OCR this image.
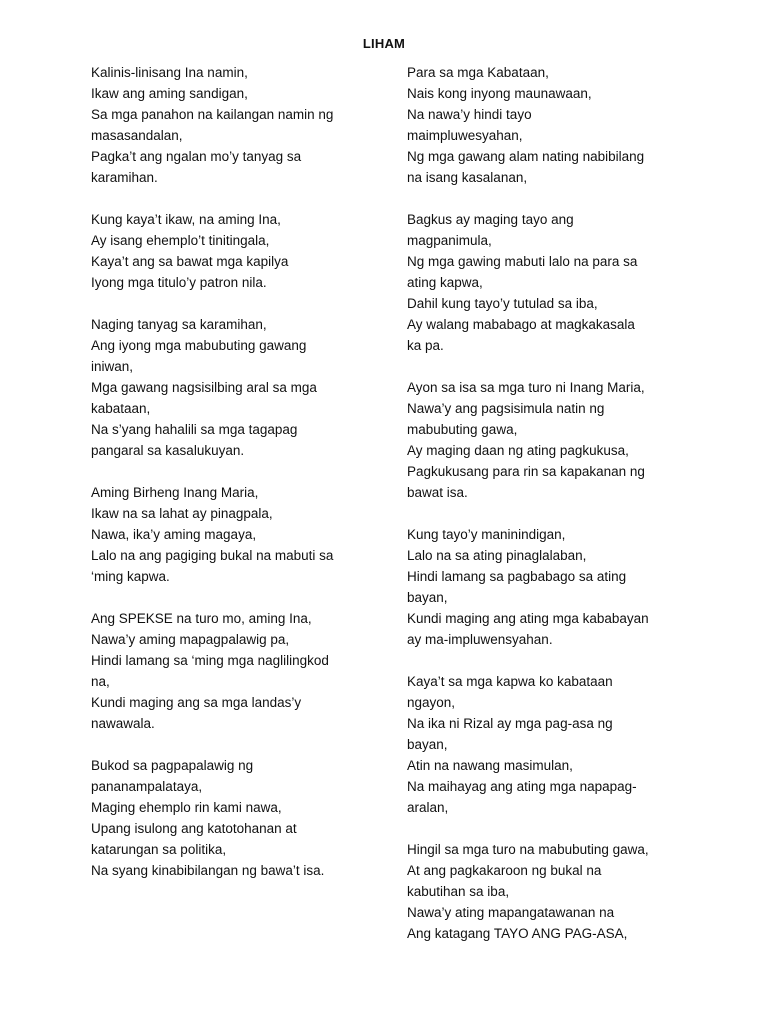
LIHAM
Kalinis-linisang Ina namin,
Ikaw ang aming sandigan,
Sa mga panahon na kailangan namin ng
masasandalan,
Pagka’t ang ngalan mo’y tanyag sa
karamihan.
Kung kaya’t ikaw, na aming Ina,
Ay isang ehemplo’t tinitingala,
Kaya’t ang sa bawat mga kapilya
Iyong mga titulo’y patron nila.
Naging tanyag sa karamihan,
Ang iyong mga mabubuting gawang
iniwan,
Mga gawang nagsisilbing aral sa mga
kabataan,
Na s’yang hahalili sa mga tagapag
pangaral sa kasalukuyan.
Aming Birheng Inang Maria,
Ikaw na sa lahat ay pinagpala,
Nawa, ika’y aming magaya,
Lalo na ang pagiging bukal na mabuti sa
‘ming kapwa.
Ang SPEKSE na turo mo, aming Ina,
Nawa’y aming mapagpalawig pa,
Hindi lamang sa ‘ming mga naglilingkod
na,
Kundi maging ang sa mga landas’y
nawawala.
Bukod sa pagpapalawig ng
pananampalataya,
Maging ehemplo rin kami nawa,
Upang isulong ang katotohanan at
katarungan sa politika,
Na syang kinabibilangan ng bawa’t isa.
Para sa mga Kabataan,
Nais kong inyong maunawaan,
Na nawa’y hindi tayo
maimpluwesyahan,
Ng mga gawang alam nating nabibilang
na isang kasalanan,
Bagkus ay maging tayo ang
magpanimula,
Ng mga gawing mabuti lalo na para sa
ating kapwa,
Dahil kung tayo’y tutulad sa iba,
Ay walang mababago at magkakasala
ka pa.
Ayon sa isa sa mga turo ni Inang Maria,
Nawa’y ang pagsisimula natin ng
mabubuting gawa,
Ay maging daan ng ating pagkukusa,
Pagkukusang para rin sa kapakanan ng
bawat isa.
Kung tayo’y maninindigan,
Lalo na sa ating pinaglalaban,
Hindi lamang sa pagbabago sa ating
bayan,
Kundi maging ang ating mga kababayan
ay ma-impluwensyahan.
Kaya’t sa mga kapwa ko kabataan
ngayon,
Na ika ni Rizal ay mga pag-asa ng
bayan,
Atin na nawang masimulan,
Na maihayag ang ating mga napapag-
aralan,
Hingil sa mga turo na mabubuting gawa,
At ang pagkakaroon ng bukal na
kabutihan sa iba,
Nawa’y ating mapangatawanan na
Ang katagang TAYO ANG PAG-ASA,
